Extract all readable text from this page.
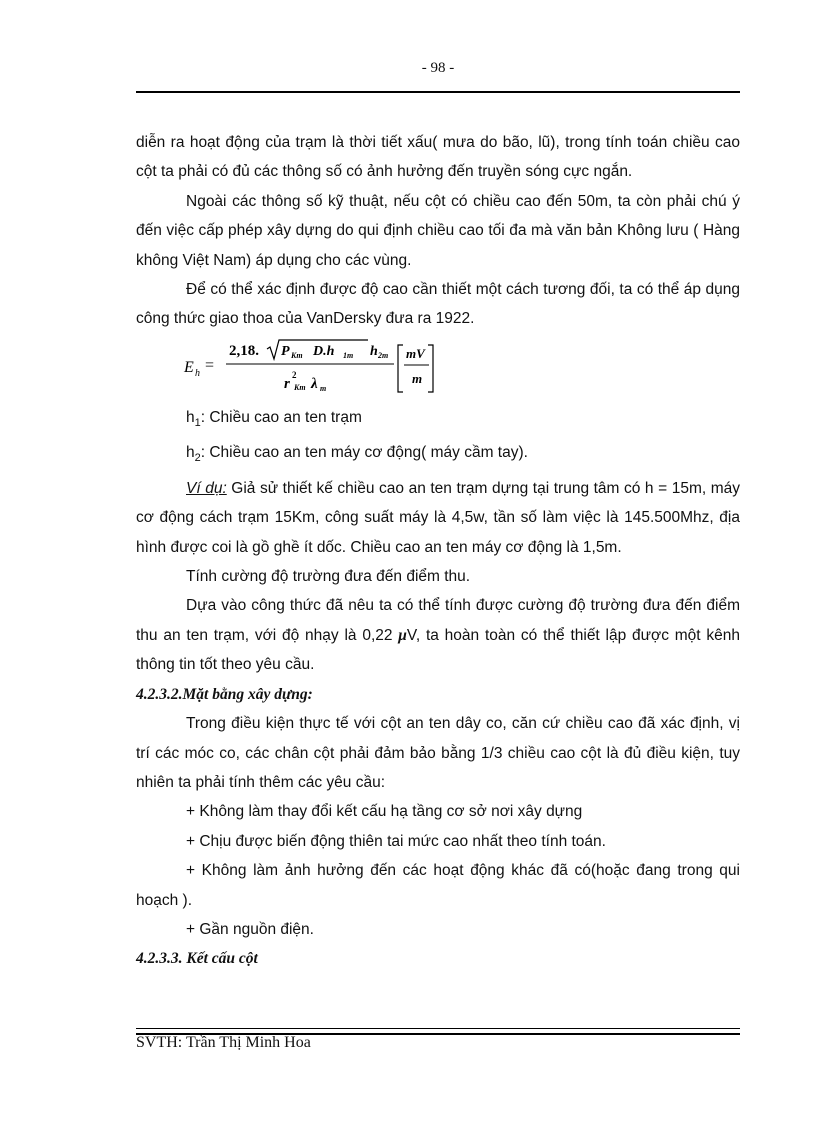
- 98 -

diễn ra hoạt động của trạm là thời tiết xấu( mưa do bão, lũ), trong tính toán chiều cao cột ta phải có đủ các thông số có ảnh hưởng đến truyền sóng cực ngắn.

Ngoài các thông số kỹ thuật, nếu cột có chiều cao đến 50m, ta còn phải chú ý đến việc cấp phép xây dựng do qui định chiều cao tối đa mà văn bản Không lưu ( Hàng không Việt Nam) áp dụng cho các vùng.

Để có thể xác định được độ cao cần thiết một cách tương đối, ta có thể áp dụng công thức giao thoa của VanDersky đưa ra 1922.

E h =
2,18. P Km D.h 1m h 2m
r
2
Km λ m
mV
m

$h_1$: Chiều cao an ten trạm

$h_2$: Chiều cao an ten máy cơ động( máy cầm tay).

Ví dụ: Giả sử thiết kế chiều cao an ten trạm dựng tại trung tâm có h = 15m, máy cơ động cách trạm 15Km, công suất máy là 4,5w, tần số làm việc là 145.500Mhz, địa hình được coi là gồ ghề ít dốc. Chiều cao an ten máy cơ động là 1,5m.

Tính cường độ trường đưa đến điểm thu.

Dựa vào công thức đã nêu ta có thể tính được cường độ trường đưa đến điểm thu an ten trạm, với độ nhạy là 0,22 μV, ta hoàn toàn có thể thiết lập được một kênh thông tin tốt theo yêu cầu.

4.2.3.2.Mặt bằng xây dựng:

Trong điều kiện thực tế với cột an ten dây co, căn cứ chiều cao đã xác định, vị trí các móc co, các chân cột phải đảm bảo bằng 1/3 chiều cao cột là đủ điều kiện, tuy nhiên ta phải tính thêm các yêu cầu:

+ Không làm thay đổi kết cấu hạ tầng cơ sở nơi xây dựng

+ Chịu được biến động thiên tai mức cao nhất theo tính toán.

+ Không làm ảnh hưởng đến các hoạt động khác đã có(hoặc đang trong qui hoạch ).

+ Gần nguồn điện.

4.2.3.3. Kết cấu cột

SVTH: Trần Thị Minh Hoa
